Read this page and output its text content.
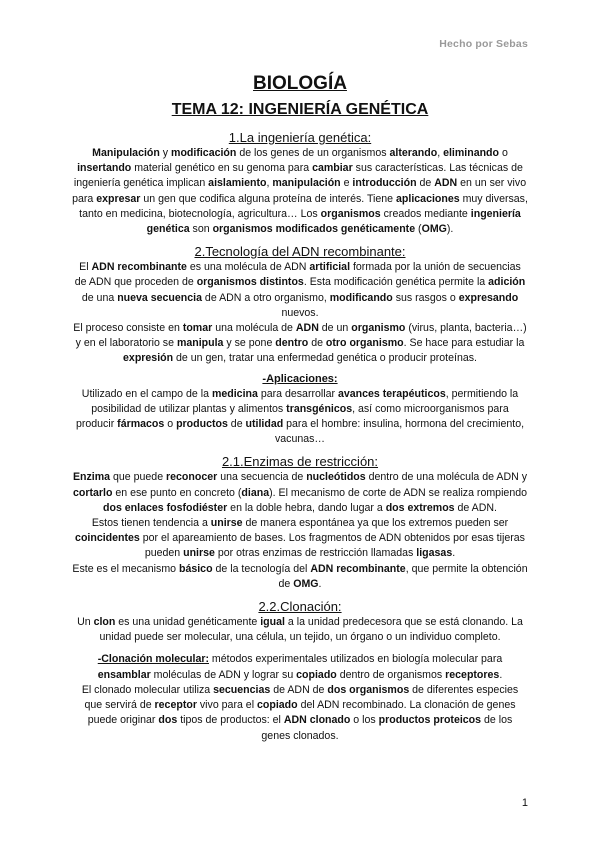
Hecho por Sebas
BIOLOGÍA
TEMA 12: INGENIERÍA GENÉTICA
1.La ingeniería genética:

Manipulación y modificación de los genes de un organismos alterando, eliminando o insertando material genético en su genoma para cambiar sus características. Las técnicas de ingeniería genética implican aislamiento, manipulación e introducción de ADN en un ser vivo para expresar un gen que codifica alguna proteína de interés. Tiene aplicaciones muy diversas, tanto en medicina, biotecnología, agricultura… Los organismos creados mediante ingeniería genética son organismos modificados genéticamente (OMG).

2.Tecnología del ADN recombinante:

El ADN recombinante es una molécula de ADN artificial formada por la unión de secuencias de ADN que proceden de organismos distintos. Esta modificación genética permite la adición de una nueva secuencia de ADN a otro organismo, modificando sus rasgos o expresando nuevos.

El proceso consiste en tomar una molécula de ADN de un organismo (virus, planta, bacteria…) y en el laboratorio se manipula y se pone dentro de otro organismo. Se hace para estudiar la expresión de un gen, tratar una enfermedad genética o producir proteínas.

-Aplicaciones:

Utilizado en el campo de la medicina para desarrollar avances terapéuticos, permitiendo la posibilidad de utilizar plantas y alimentos transgénicos, así como microorganismos para producir fármacos o productos de utilidad para el hombre: insulina, hormona del crecimiento, vacunas…

2.1.Enzimas de restricción:

Enzima que puede reconocer una secuencia de nucleótidos dentro de una molécula de ADN y cortarlo en ese punto en concreto (diana). El mecanismo de corte de ADN se realiza rompiendo dos enlaces fosfodiéster en la doble hebra, dando lugar a dos extremos de ADN.

Estos tienen tendencia a unirse de manera espontánea ya que los extremos pueden ser coincidentes por el apareamiento de bases. Los fragmentos de ADN obtenidos por esas tijeras pueden unirse por otras enzimas de restricción llamadas ligasas.

Este es el mecanismo básico de la tecnología del ADN recombinante, que permite la obtención de OMG.

2.2.Clonación:

Un clon es una unidad genéticamente igual a la unidad predecesora que se está clonando. La unidad puede ser molecular, una célula, un tejido, un órgano o un individuo completo.

-Clonación molecular: métodos experimentales utilizados en biología molecular para ensamblar moléculas de ADN y lograr su copiado dentro de organismos receptores.

El clonado molecular utiliza secuencias de ADN de dos organismos de diferentes especies que servirá de receptor vivo para el copiado del ADN recombinado. La clonación de genes puede originar dos tipos de productos: el ADN clonado o los productos proteicos de los genes clonados.

1
